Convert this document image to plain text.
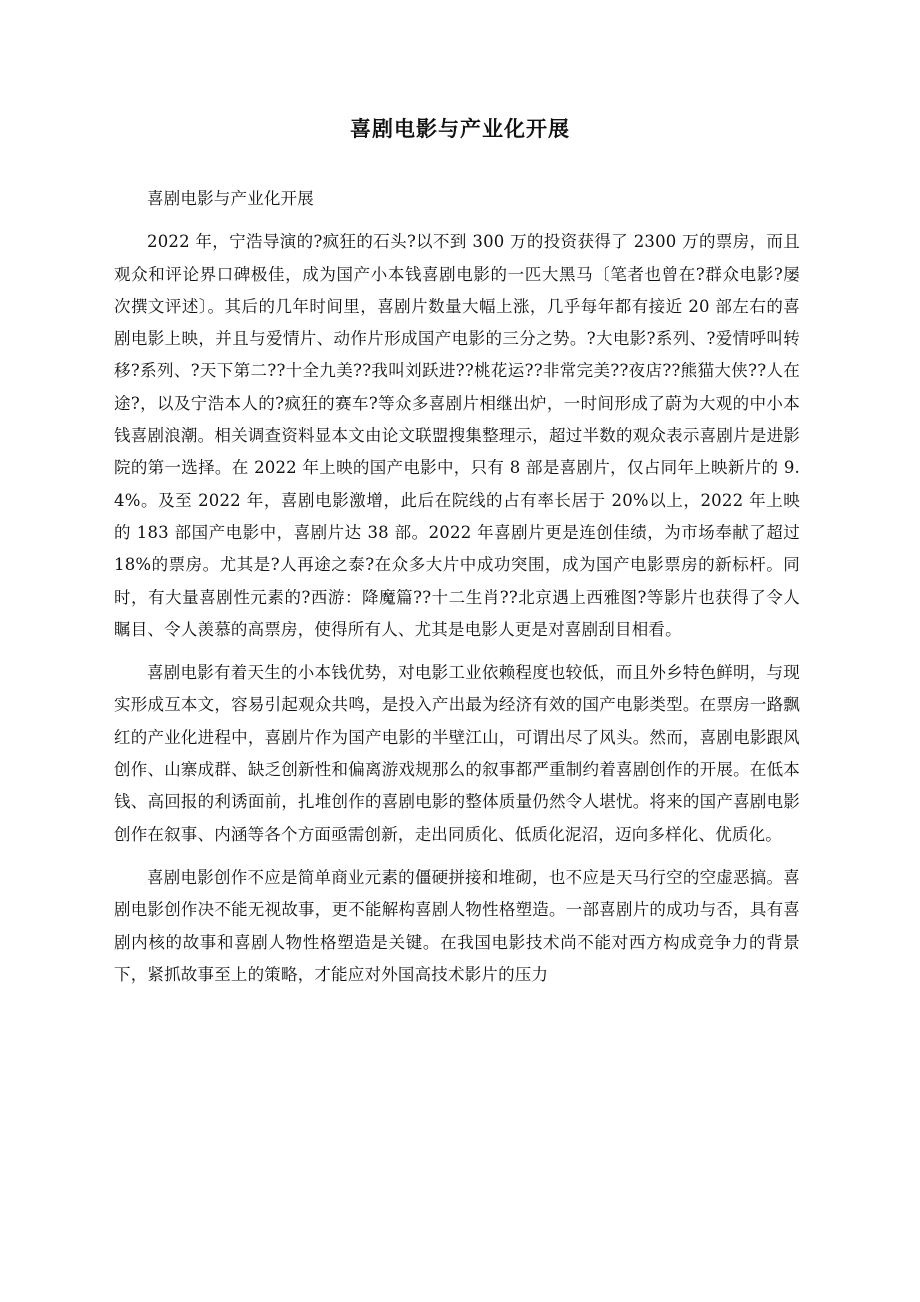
喜剧电影与产业化开展

喜剧电影与产业化开展

2022 年，宁浩导演的?疯狂的石头?以不到 300 万的投资获得了 2300 万的票房，而且观众和评论界口碑极佳，成为国产小本钱喜剧电影的一匹大黑马〔笔者也曾在?群众电影?屡次撰文评述〕。其后的几年时间里，喜剧片数量大幅上涨，几乎每年都有接近 20 部左右的喜剧电影上映，并且与爱情片、动作片形成国产电影的三分之势。?大电影?系列、?爱情呼叫转移?系列、?天下第二??十全九美??我叫刘跃进??桃花运??非常完美??夜店??熊猫大侠??人在途?，以及宁浩本人的?疯狂的赛车?等众多喜剧片相继出炉，一时间形成了蔚为大观的中小本钱喜剧浪潮。相关调查资料显本文由论文联盟搜集整理示，超过半数的观众表示喜剧片是进影院的第一选择。在 2022 年上映的国产电影中，只有 8 部是喜剧片，仅占同年上映新片的 9.4%。及至 2022 年，喜剧电影激增，此后在院线的占有率长居于 20%以上，2022 年上映的 183 部国产电影中，喜剧片达 38 部。2022 年喜剧片更是连创佳绩，为市场奉献了超过 18%的票房。尤其是?人再途之泰?在众多大片中成功突围，成为国产电影票房的新标杆。同时，有大量喜剧性元素的?西游：降魔篇??十二生肖??北京遇上西雅图?等影片也获得了令人瞩目、令人羡慕的高票房，使得所有人、尤其是电影人更是对喜剧刮目相看。

喜剧电影有着天生的小本钱优势，对电影工业依赖程度也较低，而且外乡特色鲜明，与现实形成互本文，容易引起观众共鸣，是投入产出最为经济有效的国产电影类型。在票房一路飘红的产业化进程中，喜剧片作为国产电影的半壁江山，可谓出尽了风头。然而，喜剧电影跟风创作、山寨成群、缺乏创新性和偏离游戏规那么的叙事都严重制约着喜剧创作的开展。在低本钱、高回报的利诱面前，扎堆创作的喜剧电影的整体质量仍然令人堪忧。将来的国产喜剧电影创作在叙事、内涵等各个方面亟需创新，走出同质化、低质化泥沼，迈向多样化、优质化。

喜剧电影创作不应是简单商业元素的僵硬拼接和堆砌，也不应是天马行空的空虚恶搞。喜剧电影创作决不能无视故事，更不能解构喜剧人物性格塑造。一部喜剧片的成功与否，具有喜剧内核的故事和喜剧人物性格塑造是关键。在我国电影技术尚不能对西方构成竞争力的背景下，紧抓故事至上的策略，才能应对外国高技术影片的压力
